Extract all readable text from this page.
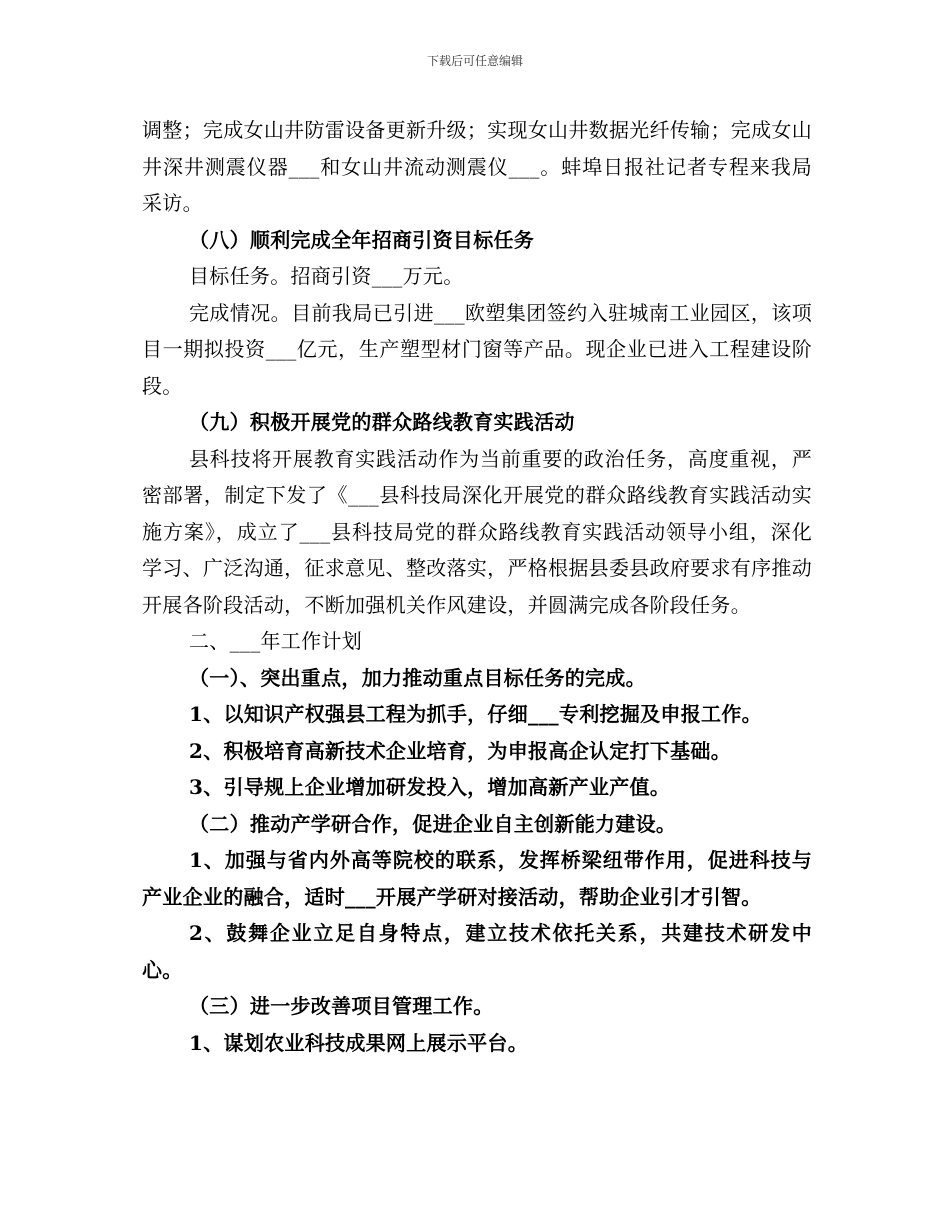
下载后可任意编辑

调整；完成女山井防雷设备更新升级；实现女山井数据光纤传输；完成女山井深井测震仪器___和女山井流动测震仪___。蚌埠日报社记者专程来我局采访。

（八）顺利完成全年招商引资目标任务

目标任务。招商引资___万元。

完成情况。目前我局已引进___欧塑集团签约入驻城南工业园区，该项目一期拟投资___亿元，生产塑型材门窗等产品。现企业已进入工程建设阶段。

（九）积极开展党的群众路线教育实践活动

县科技将开展教育实践活动作为当前重要的政治任务，高度重视，严密部署，制定下发了《___县科技局深化开展党的群众路线教育实践活动实施方案》，成立了___县科技局党的群众路线教育实践活动领导小组，深化学习、广泛沟通，征求意见、整改落实，严格根据县委县政府要求有序推动开展各阶段活动，不断加强机关作风建设，并圆满完成各阶段任务。

二、___年工作计划

（一）、突出重点，加力推动重点目标任务的完成。

1、以知识产权强县工程为抓手，仔细___专利挖掘及申报工作。

2、积极培育高新技术企业培育，为申报高企认定打下基础。

3、引导规上企业增加研发投入，增加高新产业产值。

（二）推动产学研合作，促进企业自主创新能力建设。

1、加强与省内外高等院校的联系，发挥桥梁纽带作用，促进科技与产业企业的融合，适时___开展产学研对接活动，帮助企业引才引智。

2、鼓舞企业立足自身特点，建立技术依托关系，共建技术研发中心。

（三）进一步改善项目管理工作。

1、谋划农业科技成果网上展示平台。
